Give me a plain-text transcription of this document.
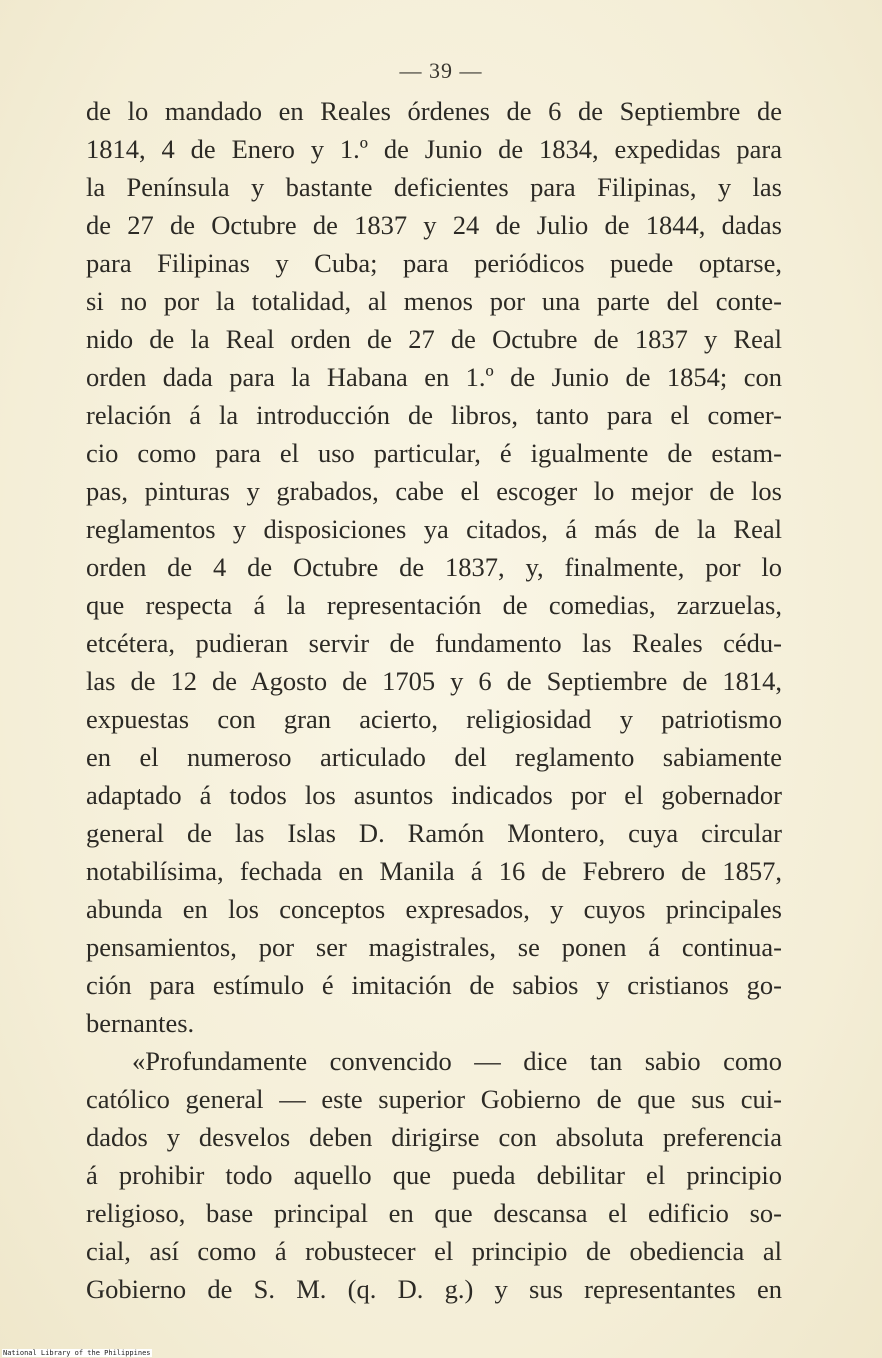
— 39 —
de lo mandado en Reales órdenes de 6 de Septiembre de
1814, 4 de Enero y 1.º de Junio de 1834, expedidas para
la Península y bastante deficientes para Filipinas, y las
de 27 de Octubre de 1837 y 24 de Julio de 1844, dadas
para Filipinas y Cuba; para periódicos puede optarse,
si no por la totalidad, al menos por una parte del conte-
nido de la Real orden de 27 de Octubre de 1837 y Real
orden dada para la Habana en 1.º de Junio de 1854; con
relación á la introducción de libros, tanto para el comer-
cio como para el uso particular, é igualmente de estam-
pas, pinturas y grabados, cabe el escoger lo mejor de los
reglamentos y disposiciones ya citados, á más de la Real
orden de 4 de Octubre de 1837, y, finalmente, por lo
que respecta á la representación de comedias, zarzuelas,
etcétera, pudieran servir de fundamento las Reales cédu-
las de 12 de Agosto de 1705 y 6 de Septiembre de 1814,
expuestas con gran acierto, religiosidad y patriotismo
en el numeroso articulado del reglamento sabiamente
adaptado á todos los asuntos indicados por el gobernador
general de las Islas D. Ramón Montero, cuya circular
notabilísima, fechada en Manila á 16 de Febrero de 1857,
abunda en los conceptos expresados, y cuyos principales
pensamientos, por ser magistrales, se ponen á continua-
ción para estímulo é imitación de sabios y cristianos go-
bernantes.
«Profundamente convencido — dice tan sabio como
católico general — este superior Gobierno de que sus cui-
dados y desvelos deben dirigirse con absoluta preferencia
á prohibir todo aquello que pueda debilitar el principio
religioso, base principal en que descansa el edificio so-
cial, así como á robustecer el principio de obediencia al
Gobierno de S. M. (q. D. g.) y sus representantes en
National Library of the Philippines
